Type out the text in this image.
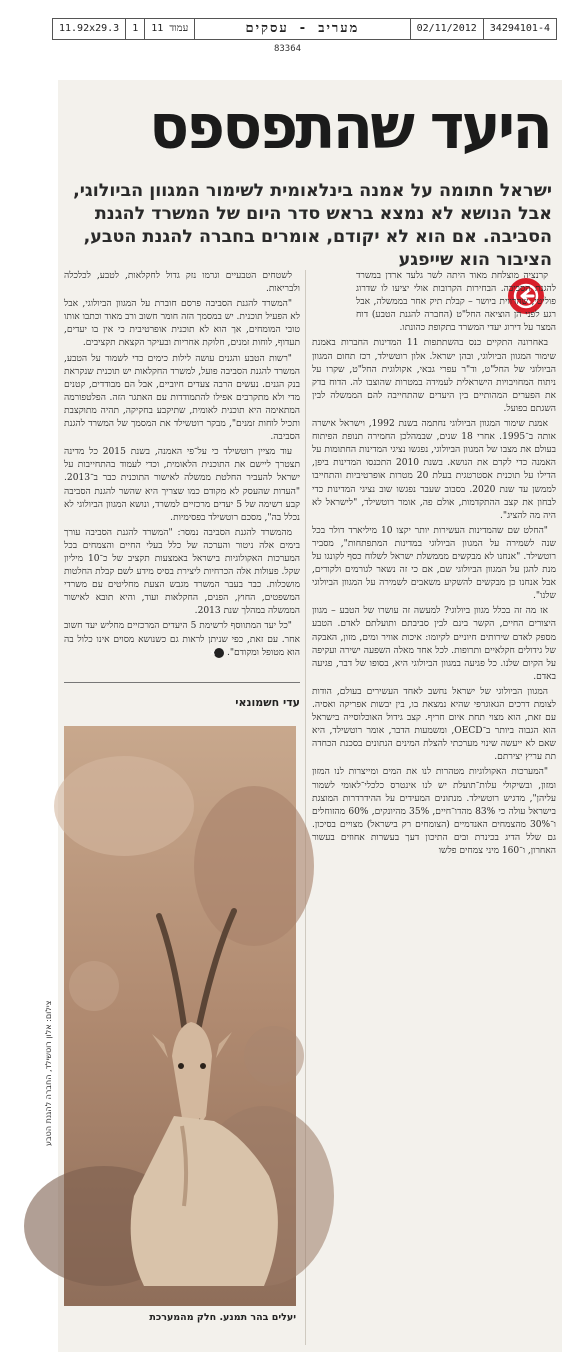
34294101-4
02/11/2012
מעריב - עסקים
עמוד 11
1
11.92x29.3
83364
היעד שהתפספס
ישראל חתומה על אמנה בינלאומית לשימור המגוון הביולוגי, אבל הנושא לא נמצא בראש סדר היום של המשרד להגנת הסביבה. אם הוא לא יקודם, אומרים בחברה להגנת הטבע, הציבור הוא שייפגע

קרנציה מוצלחת מאוד היתה לשר גלעד ארדן במשרד להגנת הסביבה. הבחירות הקרובות אולי יציעו לו שדרוג פוליטי, שהרווית ביושר – קבלת תיק אחר בממשלה, אבל רגע לפני הן הוציאה החל"ט (החברה להגנת הטבע) דוח המצר על דירוג יעדי המשרד בתקופת כהונתו.

באחרונה התקיים כנס בהשתתפות 11 המדינות החברות באמנת שימור המגוון הביולוגי, ובהן ישראל. אלון רוטשילד, רכז תחום המגוון הביולוגי של החל"ט, וד"ר עפרי גבאי, אקולוגית החל"ט, שקרו על ניתוח המחויבויות הישראלית לעמידה במטרות שהוצבו לה. הדוח בדק את הפערים המהותיים בין היעדים שהתחייבה להם הממשלה לבין השגתם בפועל.

אמנת שימור המגוון הביולוגי נחתמה בשנת 1992, וישראל אישרה אותה ב־1995. אחרי 18 שנים, שבמהלכן החמירה תנופת הפיתוח בעולם את מצבו של המגוון הביולוגי, נפגשו נציגי המדינות החתומות על האמנה כדי לקדם את הנושא. בשנת 2010 התכנסו המדינות ביפן, הדילו על תוכנית אסטרטגית בעלת 20 מטרות אופרטיביות והתחייבו לממשן עד שנת 2020. בסבוב שעבר נפגשו שוב נציגי המדינות כדי לבחון את קצב ההתקדמות, אולם פה, אומר רוטשילד, "לישראל לא היה מה להציג".

"החלט שם שהמדינות העשירות יותר יקצו 10 מיליארד דולר בכל שנה לשמירה על המגוון הביולוגי במדינות המתפתחות", מסביר רוטשילד. "אנחנו לא מבקשים מממשלת ישראל לשלוח כסף לקונגו על מנת להגן על המגוון הביולוגי שם, אם כי זה נשאר לגורמים ולקורים, אבל אנחנו כן מבקשים להשקיע משאבים לשמירה על המגוון הביולוגי שלנו".

אז מה זה בכלל מגוון ביולוגי? למעשה זה עושרו של הטבע – מגוון היצורים החיים, הקשר בינם לבין סביבתם ותועלתם לאדם. הטבע מספק לאדם שירותים חיוניים לקיומו: איכות אוויר ומים, מזון, האבקה של גידולים חקלאיים ותרופות. לכל אחד מאלה השפעה ישירה ועקיפה על הקיום שלנו. כל פגיעה במגוון הביולוגי היא, בסופו של דבר, פגיעה באדם.

המגוון הביולוגי של ישראל נחשב לאחד העשירים בעולם, הודות לצומת דרכים הגאוגרפי שהיא נמצאת בו, בין יבשות אפריקה ואסיה. עם זאת, הוא מצוי תחת איום חריף. קצב גידול האוכלוסייה בישראל הוא הגבוה ביותר ב־OECD, ומשמעות הדבר, אומר רוטשילד, היא שאם לא ייעשה שינוי מערכתי להצלת המינים הנתונים בסכנת הכחדה תת עריץ יצירתם.

"המערכות האקולוגיות מטהרות לנו את המים ומייצרות לנו המזון ומזון, ובשיקולי עלות־תועלת יש לנו אינטרס כלכלי־לאומי לשמור עליהן", מדגיש רוטשילד. מנתונים המעידים על ההידרדרות המוצגת בישראל עולה כי 83% מהדו־חיים, 35% מהיונקים, 60% מהזוחלים ו־30% מהצמחים האנדמיים (הצומחים רק בישראל) מצויים בסיכון. גם שלל הדיג בכינרת ובים התיכון דעך בעשרות אחוזים בעשור האחרון, ו־160 מיני צמחים פלשו

לשטחים הטבעיים וגרמו נזק גדול לחקלאות, לטבע, לכלכלה ולבריאות.

"המשרד להגנת הסביבה פרסם חוברת על המגוון הביולוגי, אבל לא הפעיל תוכנית. יש במסמך הזה חומר חשוב ורב מאוד וכתבו אותו טובי המומחים, אך הוא לא תוכנית אופרטיבית כי אין בו יעדים, תעדוף, לוחות זמנים, חלוקת אחריות ובעיקר הקצאת תקציבים.

"רשות הטבע והגנים עושה לילות כימים כדי לשמור על הטבע, המשרד להגנת הסביבה פועל, למשרד החקלאות יש תוכנית שנקראת בנק הגנים. נעשים הרבה צעדים חיוביים, אבל הם מבודדים, קטנים מדי ולא מתקרבים אפילו להתמודדות עם האתגר הזה. הפלטפורמה המתאימה היא תוכנית לאומית, שתיקבע בחקיקה, תהיה מתוקצבת ותכיל לוחות זמנים", מבקר רוטשילד את המסמך של המשרד להגנת הסביבה.

עוד מציין רוטשילד כי על־פי האמנה, בשנת 2015 כל מדינה תצטרך ליישם את התוכנית הלאומית, וכדי לעמוד בהתחייבות על ישראל להעביר החלטת ממשלה לאישור התוכנית כבר ב־2013. "העדות שהעסק לא מקודם כמו שצריך היא שהשר להגנת הסביבה קבע רשימה של 5 יעדים מרכזיים למשרד, ונושא המגוון הביולוגי לא נכלל בה", מסכם רוטשילד בפסימיות.

מהמשרד להגנת הסביבה נמסר: "המשרד להגנת הסביבה עורך בימים אלה ניטור והערכה של כלל בעלי החיים והצמחים בכל המערכות האקולוגיות בישראל באמצעות תקציב של כ־10 מיליון שקל. פעולות אלה הכרחיות ליצירת בסיס מידע לשם קבלת החלטות מושכלות. כבר בעבר המשרד מגבש הצעת מחליטים עם משרדי המשפטים, החוץ, הפנים, החקלאות ועוד, והיא תובא לאישור הממשלה במהלך שנת 2013.

"כל יעד המתווסף לרשימת 5 היעדים המרכזיים מחליש יעד חשוב אחר. עם זאת, כפי שניתן לראות גם כשנושא מסוים אינו כלול בה הוא מטופל ומקודם". ×

עדי חשמונאי
צילום: אלון רוטשילד, החברה להגנת הטבע
יעלים בהר תמנע. חלק מהמערכת
